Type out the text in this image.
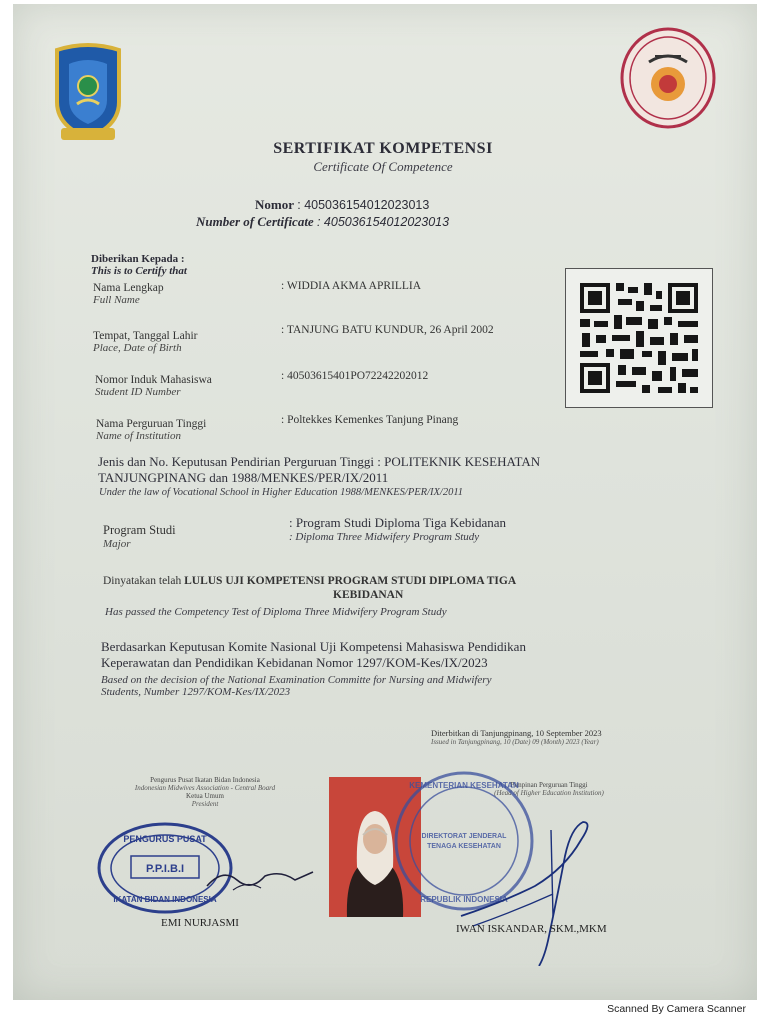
SERTIFIKAT KOMPETENSI
Certificate Of Competence
Nomor : 405036154012023013
Number of Certificate : 405036154012023013
Diberikan Kepada :
This is to Certify that
Nama Lengkap
Full Name
: WIDDIA AKMA APRILLIA
Tempat, Tanggal Lahir
Place, Date of Birth
: TANJUNG BATU KUNDUR, 26 April 2002
Nomor Induk Mahasiswa
Student ID Number
: 40503615401PO72242202012
Nama Perguruan Tinggi
Name of Institution
: Poltekkes Kemenkes Tanjung Pinang
Jenis dan No. Keputusan Pendirian Perguruan Tinggi : POLITEKNIK KESEHATAN
TANJUNGPINANG dan 1988/MENKES/PER/IX/2011
Under the law of Vocational School in Higher Education 1988/MENKES/PER/IX/2011
Program Studi
Major
: Program Studi Diploma Tiga Kebidanan
: Diploma Three Midwifery Program Study
Dinyatakan telah LULUS UJI KOMPETENSI PROGRAM STUDI DIPLOMA TIGA
KEBIDANAN
Has passed the Competency Test of Diploma Three Midwifery Program Study
Berdasarkan Keputusan Komite Nasional Uji Kompetensi Mahasiswa Pendidikan
Keperawatan dan Pendidikan Kebidanan Nomor 1297/KOM-Kes/IX/2023
Based on the decision of the National Examination Committe for Nursing and Midwifery
Students, Number 1297/KOM-Kes/IX/2023
Diterbitkan di Tanjungpinang, 10 September 2023
Issued in Tanjungpinang, 10 (Date) 09 (Month) 2023 (Year)
Pengurus Pusat Ikatan Bidan Indonesia
Indonesian Midwives Association - Central Board
Ketua Umum
President
PENGURUS PUSAT
P.P.I.B.I
IKATAN BIDAN INDONESIA
EMI NURJASMI
Pimpinan Perguruan Tinggi
(Head of Higher Education Institution)
KEMENTERIAN KESEHATAN
DIREKTORAT JENDERAL
TENAGA KESEHATAN
REPUBLIK INDONESIA
IWAN ISKANDAR, SKM.,MKM
Scanned By Camera Scanner
